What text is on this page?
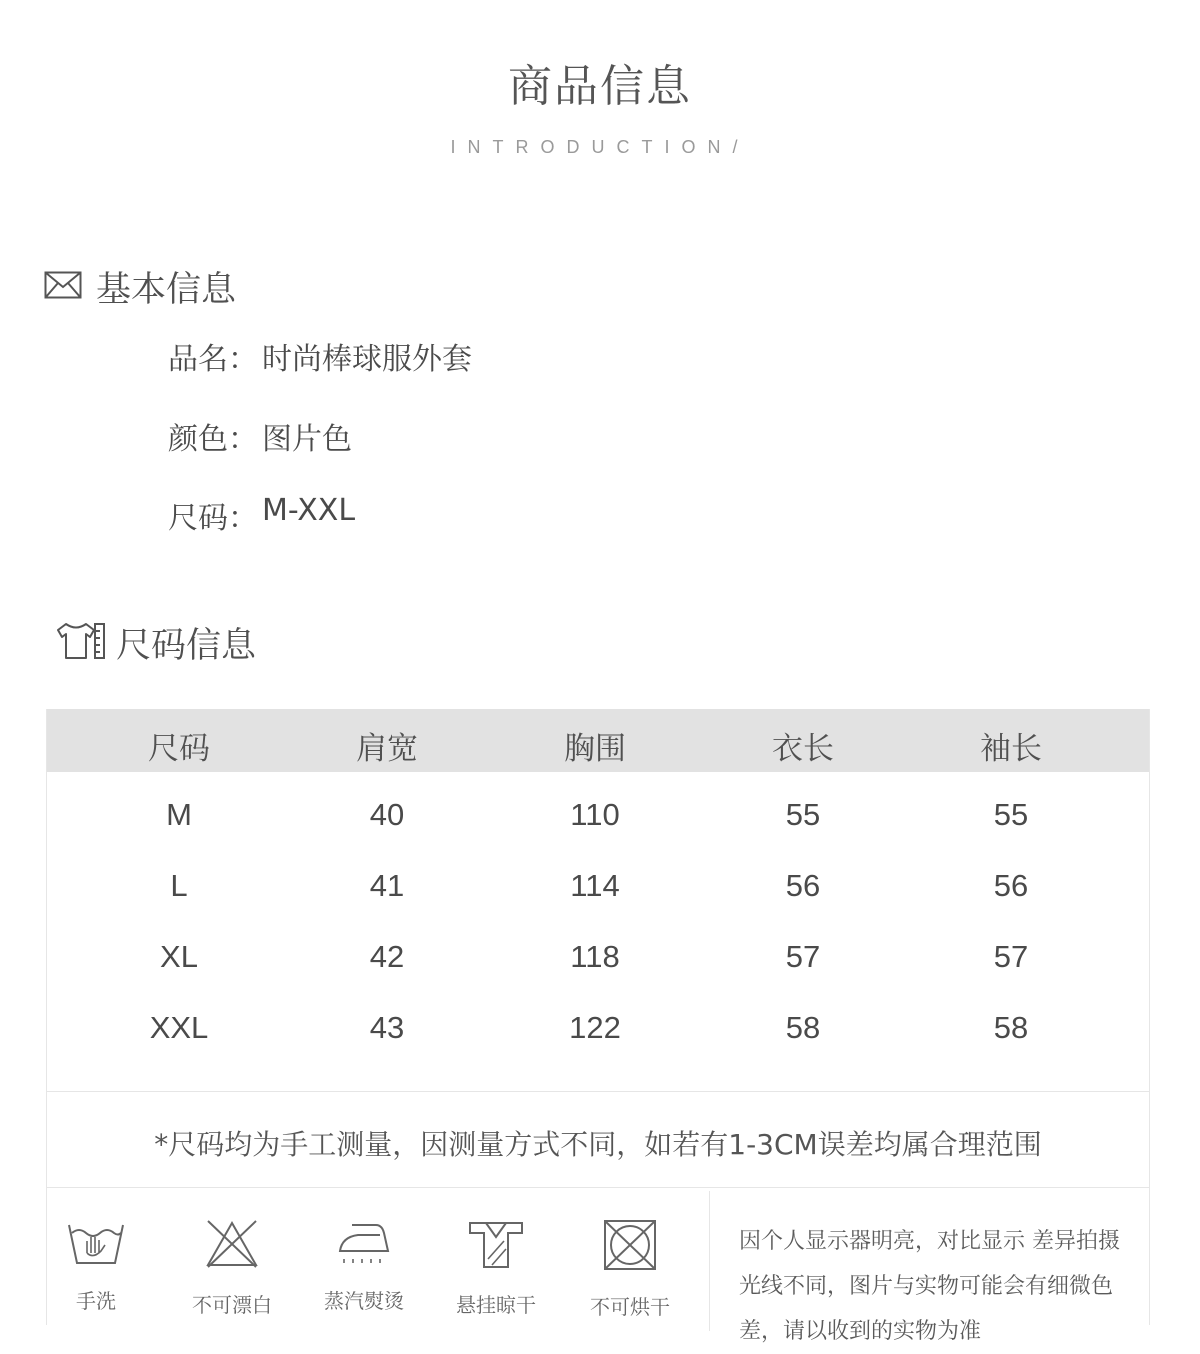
商品信息
INTRODUCTION/
基本信息
品名： 时尚棒球服外套
颜色： 图片色
尺码： M-XXL
尺码信息
尺码	肩宽	胸围	衣长	袖长
M	40	110	55	55
L	41	114	56	56
XL	42	118	57	57
XXL	43	122	58	58
*尺码均为手工测量，因测量方式不同，如若有1-3CM误差均属合理范围
手洗	不可漂白	蒸汽熨烫	悬挂晾干	不可烘干
因个人显示器明亮，对比显示 差异拍摄光线不同，图片与实物可能会有细微色差，请以收到的实物为准
